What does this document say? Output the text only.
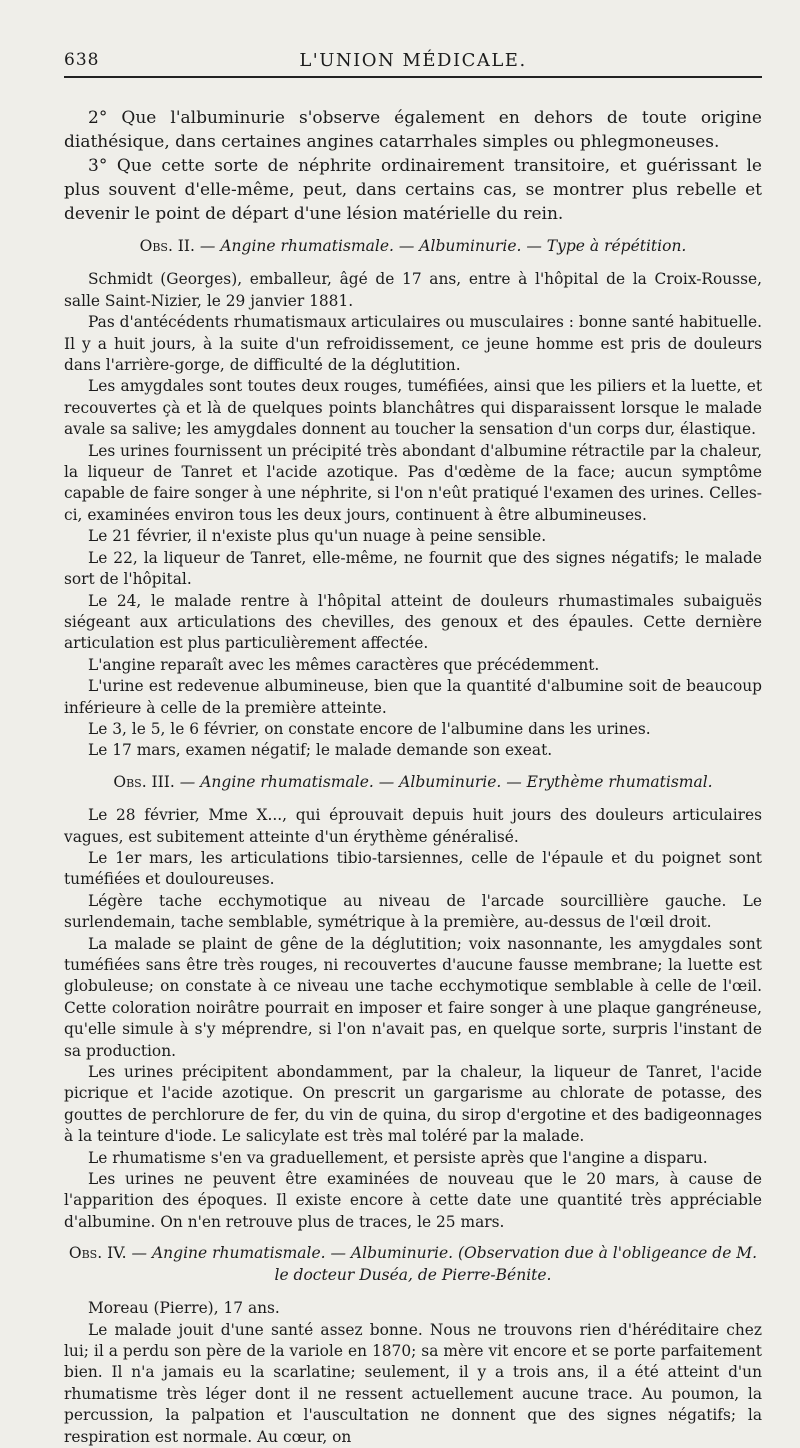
638	L'UNION MÉDICALE.

2° Que l'albuminurie s'observe également en dehors de toute origine diathésique, dans certaines angines catarrhales simples ou phlegmoneuses.

3° Que cette sorte de néphrite ordinairement transitoire, et guérissant le plus souvent d'elle-même, peut, dans certains cas, se montrer plus rebelle et devenir le point de départ d'une lésion matérielle du rein.

Obs. II. — Angine rhumatismale. — Albuminurie. — Type à répétition.

Schmidt (Georges), emballeur, âgé de 17 ans, entre à l'hôpital de la Croix-Rousse, salle Saint-Nizier, le 29 janvier 1881.

Pas d'antécédents rhumatismaux articulaires ou musculaires : bonne santé habituelle. Il y a huit jours, à la suite d'un refroidissement, ce jeune homme est pris de douleurs dans l'arrière-gorge, de difficulté de la déglutition.

Les amygdales sont toutes deux rouges, tuméfiées, ainsi que les piliers et la luette, et recouvertes çà et là de quelques points blanchâtres qui disparaissent lorsque le malade avale sa salive; les amygdales donnent au toucher la sensation d'un corps dur, élastique.

Les urines fournissent un précipité très abondant d'albumine rétractile par la chaleur, la liqueur de Tanret et l'acide azotique. Pas d'œdème de la face; aucun symptôme capable de faire songer à une néphrite, si l'on n'eût pratiqué l'examen des urines. Celles-ci, examinées environ tous les deux jours, continuent à être albumineuses.

Le 21 février, il n'existe plus qu'un nuage à peine sensible.

Le 22, la liqueur de Tanret, elle-même, ne fournit que des signes négatifs; le malade sort de l'hôpital.

Le 24, le malade rentre à l'hôpital atteint de douleurs rhumastimales subaiguës siégeant aux articulations des chevilles, des genoux et des épaules. Cette dernière articulation est plus particulièrement affectée.

L'angine reparaît avec les mêmes caractères que précédemment.

L'urine est redevenue albumineuse, bien que la quantité d'albumine soit de beaucoup inférieure à celle de la première atteinte.

Le 3, le 5, le 6 février, on constate encore de l'albumine dans les urines.

Le 17 mars, examen négatif; le malade demande son exeat.

Obs. III. — Angine rhumatismale. — Albuminurie. — Erythème rhumatismal.

Le 28 février, Mme X..., qui éprouvait depuis huit jours des douleurs articulaires vagues, est subitement atteinte d'un érythème généralisé.

Le 1er mars, les articulations tibio-tarsiennes, celle de l'épaule et du poignet sont tuméfiées et douloureuses.

Légère tache ecchymotique au niveau de l'arcade sourcillière gauche. Le surlendemain, tache semblable, symétrique à la première, au-dessus de l'œil droit.

La malade se plaint de gêne de la déglutition; voix nasonnante, les amygdales sont tuméfiées sans être très rouges, ni recouvertes d'aucune fausse membrane; la luette est globuleuse; on constate à ce niveau une tache ecchymotique semblable à celle de l'œil. Cette coloration noirâtre pourrait en imposer et faire songer à une plaque gangréneuse, qu'elle simule à s'y méprendre, si l'on n'avait pas, en quelque sorte, surpris l'instant de sa production.

Les urines précipitent abondamment, par la chaleur, la liqueur de Tanret, l'acide picrique et l'acide azotique. On prescrit un gargarisme au chlorate de potasse, des gouttes de perchlorure de fer, du vin de quina, du sirop d'ergotine et des badigeonnages à la teinture d'iode. Le salicylate est très mal toléré par la malade.

Le rhumatisme s'en va graduellement, et persiste après que l'angine a disparu.

Les urines ne peuvent être examinées de nouveau que le 20 mars, à cause de l'apparition des époques. Il existe encore à cette date une quantité très appréciable d'albumine. On n'en retrouve plus de traces, le 25 mars.

Obs. IV. — Angine rhumatismale. — Albuminurie. (Observation due à l'obligeance de M. le docteur Duséa, de Pierre-Bénite.

Moreau (Pierre), 17 ans.

Le malade jouit d'une santé assez bonne. Nous ne trouvons rien d'héréditaire chez lui; il a perdu son père de la variole en 1870; sa mère vit encore et se porte parfaitement bien. Il n'a jamais eu la scarlatine; seulement, il y a trois ans, il a été atteint d'un rhumatisme très léger dont il ne ressent actuellement aucune trace. Au poumon, la percussion, la palpation et l'auscultation ne donnent que des signes négatifs; la respiration est normale. Au cœur, on
